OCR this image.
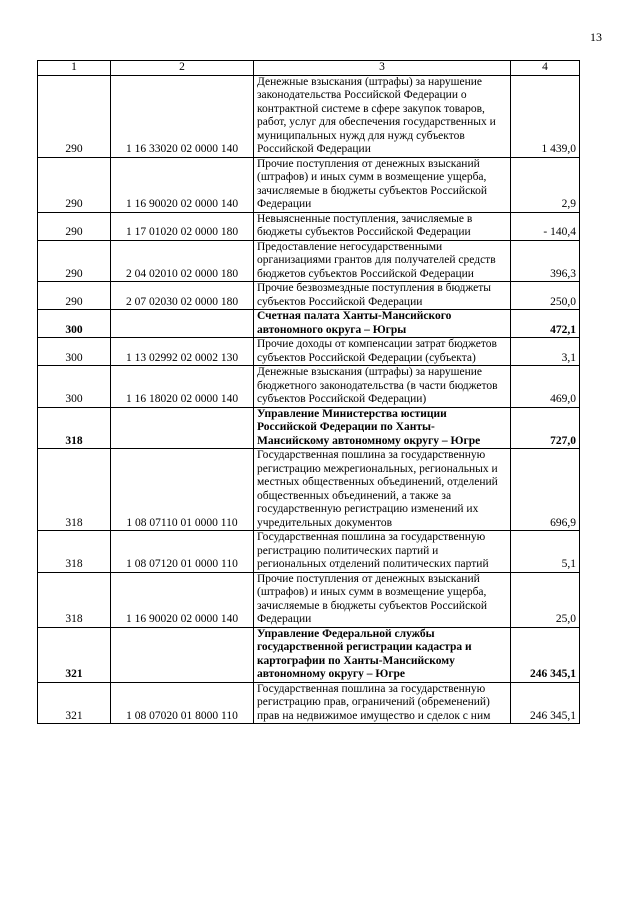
13
1	2	3	4
290	1 16 33020 02 0000 140	Денежные взыскания (штрафы) за нарушение законодательства Российской Федерации о контрактной системе в сфере закупок товаров, работ, услуг для обеспечения государственных и муниципальных нужд для нужд субъектов Российской Федерации	1 439,0
290	1 16 90020 02 0000 140	Прочие поступления от денежных взысканий (штрафов) и иных сумм в возмещение ущерба, зачисляемые в бюджеты субъектов Российской Федерации	2,9
290	1 17 01020 02 0000 180	Невыясненные поступления, зачисляемые в бюджеты субъектов Российской Федерации	- 140,4
290	2 04 02010 02 0000 180	Предоставление негосударственными организациями грантов для получателей средств бюджетов субъектов Российской Федерации	396,3
290	2 07 02030 02 0000 180	Прочие безвозмездные поступления в бюджеты субъектов Российской Федерации	250,0
300		Счетная палата Ханты-Мансийского автономного округа – Югры	472,1
300	1 13 02992 02 0002 130	Прочие доходы от компенсации затрат бюджетов субъектов Российской Федерации (субъекта)	3,1
300	1 16 18020 02 0000 140	Денежные взыскания (штрафы) за нарушение бюджетного законодательства (в части бюджетов субъектов Российской Федерации)	469,0
318		Управление Министерства юстиции Российской Федерации по Ханты-Мансийскому автономному округу – Югре	727,0
318	1 08 07110 01 0000 110	Государственная пошлина за государственную регистрацию межрегиональных, региональных и местных общественных объединений, отделений общественных объединений, а также за государственную регистрацию изменений их учредительных документов	696,9
318	1 08 07120 01 0000 110	Государственная пошлина за государственную регистрацию политических партий и региональных отделений политических партий	5,1
318	1 16 90020 02 0000 140	Прочие поступления от денежных взысканий (штрафов) и иных сумм в возмещение ущерба, зачисляемые в бюджеты субъектов Российской Федерации	25,0
321		Управление Федеральной службы государственной регистрации кадастра и картографии по Ханты-Мансийскому автономному округу – Югре	246 345,1
321	1 08 07020 01 8000 110	Государственная пошлина за государственную регистрацию прав, ограничений (обременений) прав на недвижимое имущество и сделок с ним	246 345,1
